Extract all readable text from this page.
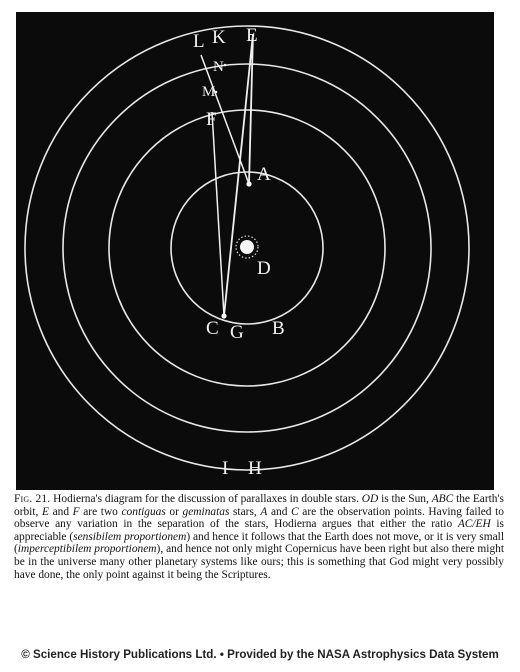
L K E
N
M
F
A
D
C G B
I H

Fig. 21. Hodierna's diagram for the discussion of parallaxes in double stars. OD is the Sun, ABC the Earth's orbit, E and F are two contiguas or geminatas stars, A and C are the observation points. Having failed to observe any variation in the separation of the stars, Hodierna argues that either the ratio AC/EH is appreciable (sensibilem proportionem) and hence it follows that the Earth does not move, or it is very small (imperceptibilem proportionem), and hence not only might Copernicus have been right but also there might be in the universe many other planetary systems like ours; this is something that God might very possibly have done, the only point against it being the Scriptures.

© Science History Publications Ltd. • Provided by the NASA Astrophysics Data System
